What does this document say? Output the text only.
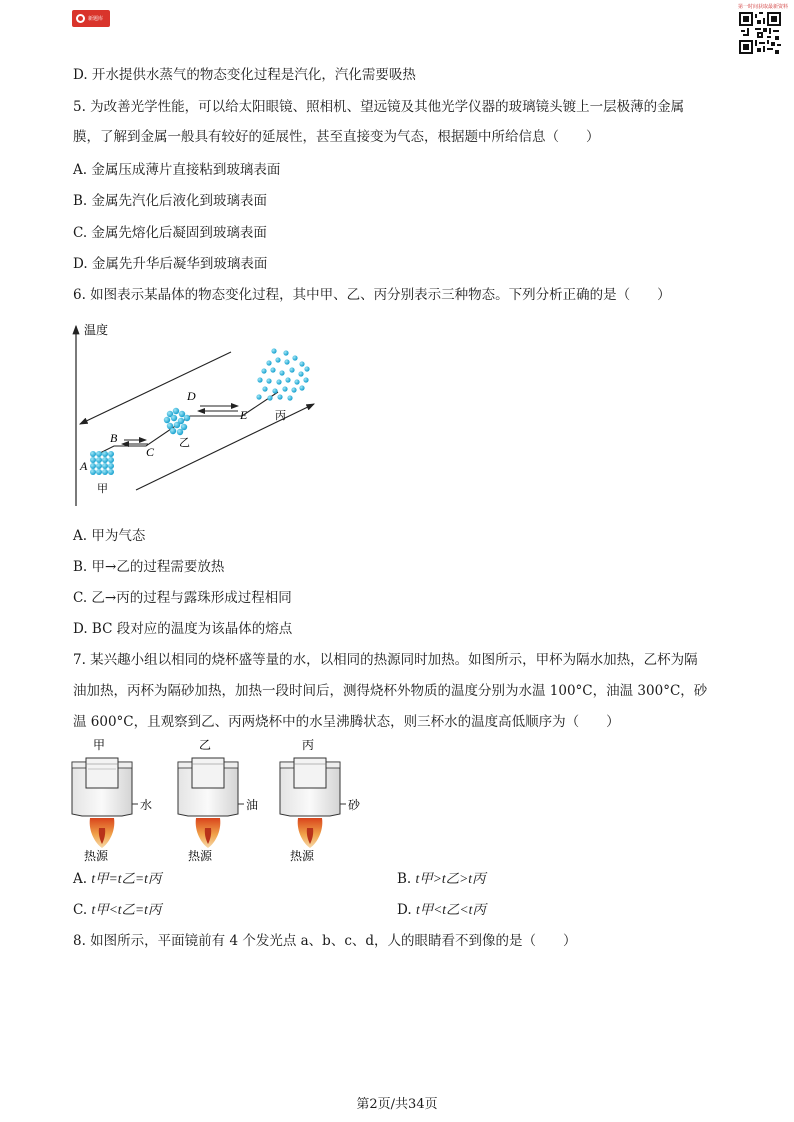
新题库
第一时间获取最新资料
D. 开水提供水蒸气的物态变化过程是汽化，汽化需要吸热
5. 为改善光学性能，可以给太阳眼镜、照相机、望远镜及其他光学仪器的玻璃镜头镀上一层极薄的金属
膜，了解到金属一般具有较好的延展性，甚至直接变为气态，根据题中所给信息（　　）
A. 金属压成薄片直接粘到玻璃表面
B. 金属先汽化后液化到玻璃表面
C. 金属先熔化后凝固到玻璃表面
D. 金属先升华后凝华到玻璃表面
6. 如图表示某晶体的物态变化过程，其中甲、乙、丙分别表示三种物态。下列分析正确的是（　　）
温度
A
B
C
D
E
甲
乙
丙
A. 甲为气态
B. 甲→乙的过程需要放热
C. 乙→丙的过程与露珠形成过程相同
D. BC 段对应的温度为该晶体的熔点
7. 某兴趣小组以相同的烧杯盛等量的水，以相同的热源同时加热。如图所示，甲杯为隔水加热，乙杯为隔
油加热，丙杯为隔砂加热，加热一段时间后，测得烧杯外物质的温度分别为水温 100°C，油温 300°C，砂
温 600°C，且观察到乙、丙两烧杯中的水呈沸腾状态，则三杯水的温度高低顺序为（　　）
甲
水
热源
乙
油
热源
丙
砂
热源
A. t甲=t乙=t丙	B. t甲>t乙>t丙
C. t甲<t乙=t丙	D. t甲<t乙<t丙
8. 如图所示，平面镜前有 4 个发光点 a、b、c、d，人的眼睛看不到像的是（　　）
第2页/共34页
